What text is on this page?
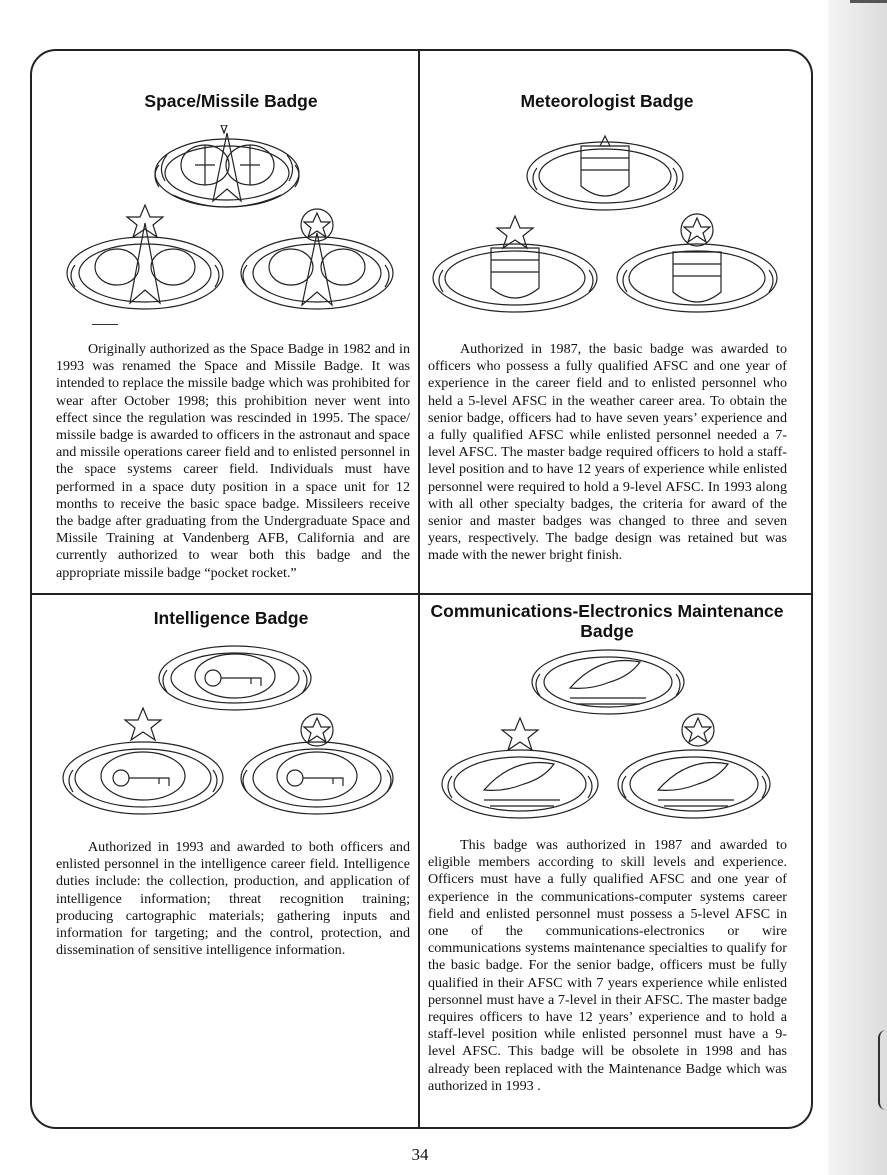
Space/Missile Badge

Originally authorized as the Space Badge in 1982 and in 1993 was renamed the Space and Missile Badge. It was intended to replace the missile badge which was prohibited for wear after October 1998; this prohibition never went into effect since the regulation was rescinded in 1995. The space/ missile badge is awarded to officers in the astronaut and space and missile operations career field and to enlisted personnel in the space systems career field. Individuals must have performed in a space duty position in a space unit for 12 months to receive the basic space badge. Missileers receive the badge after graduating from the Undergraduate Space and Missile Training at Vandenberg AFB, California and are currently authorized to wear both this badge and the appropriate missile badge “pocket rocket.”

Meteorologist Badge

Authorized in 1987, the basic badge was awarded to officers who possess a fully qualified AFSC and one year of experience in the career field and to enlisted personnel who held a 5-level AFSC in the weather career area. To obtain the senior badge, officers had to have seven years’ experience and a fully qualified AFSC while enlisted personnel needed a 7-level AFSC. The master badge required officers to hold a staff-level position and to have 12 years of experience while enlisted personnel were required to hold a 9-level AFSC. In 1993 along with all other specialty badges, the criteria for award of the senior and master badges was changed to three and seven years, respectively. The badge design was retained but was made with the newer bright finish.

Intelligence Badge

Authorized in 1993 and awarded to both officers and enlisted personnel in the intelligence career field. Intelligence duties include: the collection, production, and application of intelligence information; threat recognition training; producing cartographic materials; gathering inputs and information for targeting; and the control, protection, and dissemination of sensitive intelligence information.

Communications-Electronics Maintenance Badge

This badge was authorized in 1987 and awarded to eligible members according to skill levels and experience. Officers must have a fully qualified AFSC and one year of experience in the communications-computer systems career field and enlisted personnel must possess a 5-level AFSC in one of the communications-electronics or wire communications systems maintenance specialties to qualify for the basic badge. For the senior badge, officers must be fully qualified in their AFSC with 7 years experience while enlisted personnel must have a 7-level in their AFSC. The master badge requires officers to have 12 years’ experience and to hold a staff-level position while enlisted personnel must have a 9-level AFSC. This badge will be obsolete in 1998 and has already been replaced with the Maintenance Badge which was authorized in 1993 .

34
